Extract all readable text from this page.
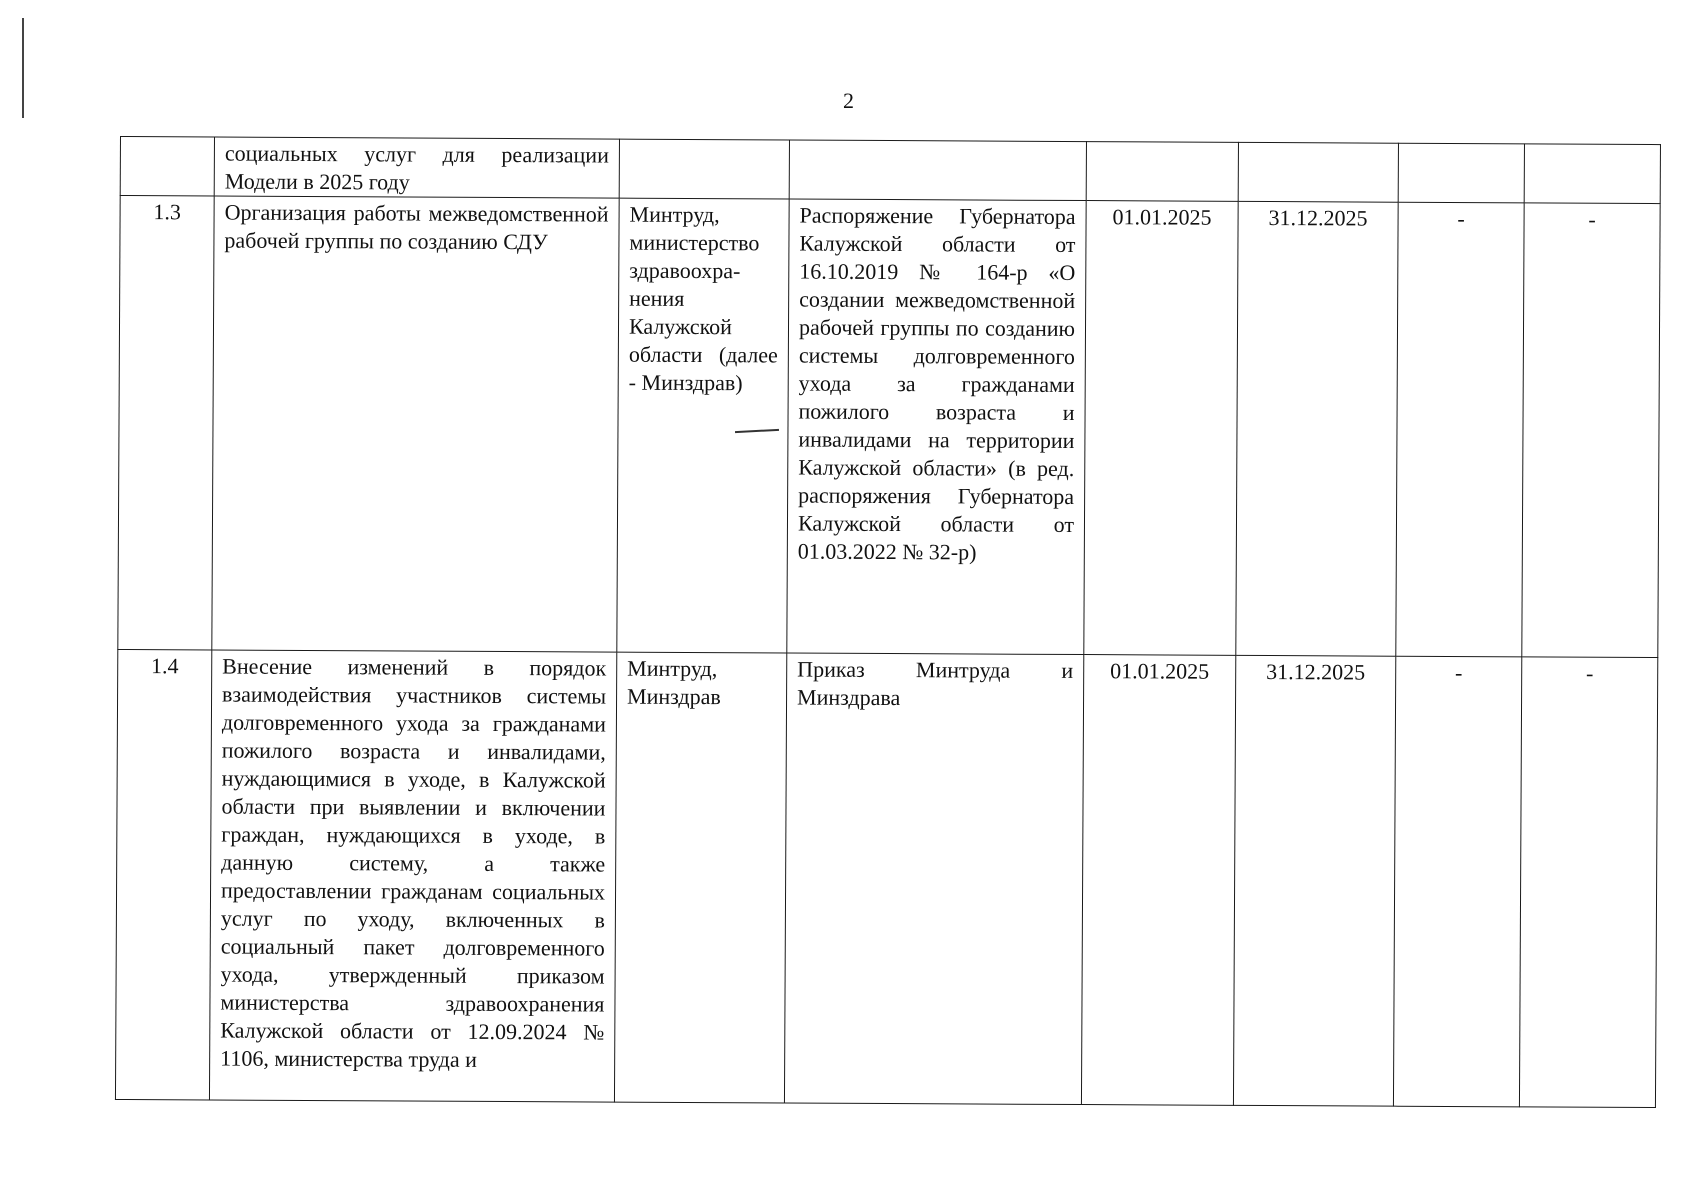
2
	социальных услуг для реализации Модели в 2025 году						
1.3	Организация работы межведомственной рабочей группы по созданию СДУ	Минтруд, министерство здравоохра-нения Калужской области (далее - Минздрав)	Распоряжение Губернатора Калужской области от 16.10.2019 № 164-р «О создании межведомственной рабочей группы по созданию системы долговременного ухода за гражданами пожилого возраста и инвалидами на территории Калужской области» (в ред. распоряжения Губернатора Калужской области от 01.03.2022 № 32-р)	01.01.2025	31.12.2025	-	-
1.4	Внесение изменений в порядок взаимодействия участников системы долговременного ухода за гражданами пожилого возраста и инвалидами, нуждающимися в уходе, в Калужской области при выявлении и включении граждан, нуждающихся в уходе, в данную систему, а также предоставлении гражданам социальных услуг по уходу, включенных в социальный пакет долговременного ухода, утвержденный приказом министерства здравоохранения Калужской области от 12.09.2024 № 1106, министерства труда и	Минтруд, Минздрав	Приказ Минтруда и Минздрава	01.01.2025	31.12.2025	-	-
